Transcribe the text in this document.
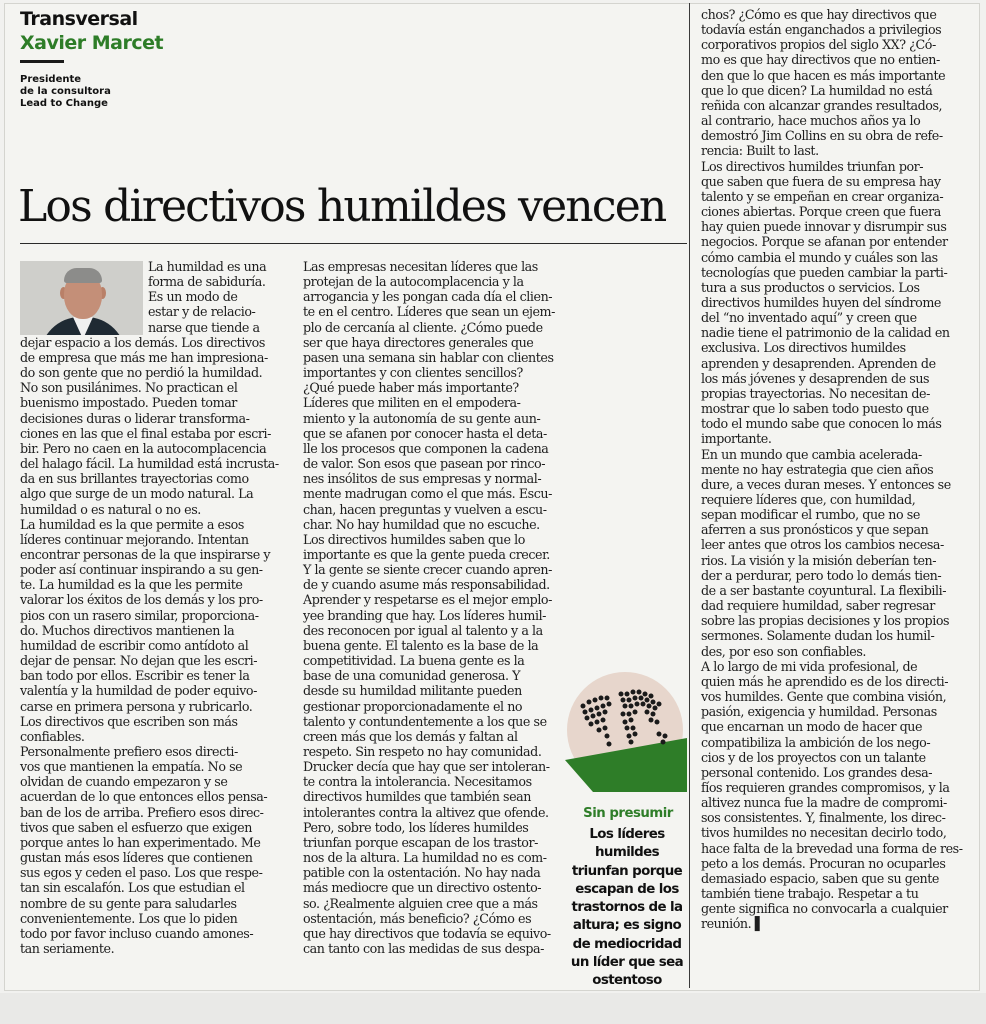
Transversal
Xavier Marcet
Presidente
de la consultora
Lead to Change
Los directivos humildes vencen
La humildad es una
forma de sabiduría.
Es un modo de
estar y de relacio-
narse que tiende a
dejar espacio a los demás. Los directivos
de empresa que más me han impresiona-
do son gente que no perdió la humildad.
No son pusilánimes. No practican el
buenismo impostado. Pueden tomar
decisiones duras o liderar transforma-
ciones en las que el final estaba por escri-
bir. Pero no caen en la autocomplacencia
del halago fácil. La humildad está incrusta-
da en sus brillantes trayectorias como
algo que surge de un modo natural. La
humildad o es natural o no es.
La humildad es la que permite a esos
líderes continuar mejorando. Intentan
encontrar personas de la que inspirarse y
poder así continuar inspirando a su gen-
te. La humildad es la que les permite
valorar los éxitos de los demás y los pro-
pios con un rasero similar, proporciona-
do. Muchos directivos mantienen la
humildad de escribir como antídoto al
dejar de pensar. No dejan que les escri-
ban todo por ellos. Escribir es tener la
valentía y la humildad de poder equivo-
carse en primera persona y rubricarlo.
Los directivos que escriben son más
confiables.
Personalmente prefiero esos directi-
vos que mantienen la empatía. No se
olvidan de cuando empezaron y se
acuerdan de lo que entonces ellos pensa-
ban de los de arriba. Prefiero esos direc-
tivos que saben el esfuerzo que exigen
porque antes lo han experimentado. Me
gustan más esos líderes que contienen
sus egos y ceden el paso. Los que respe-
tan sin escalafón. Los que estudian el
nombre de su gente para saludarles
convenientemente. Los que lo piden
todo por favor incluso cuando amones-
tan seriamente.
Las empresas necesitan líderes que las
protejan de la autocomplacencia y la
arrogancia y les pongan cada día el clien-
te en el centro. Líderes que sean un ejem-
plo de cercanía al cliente. ¿Cómo puede
ser que haya directores generales que
pasen una semana sin hablar con clientes
importantes y con clientes sencillos?
¿Qué puede haber más importante?
Líderes que militen en el empodera-
miento y la autonomía de su gente aun-
que se afanen por conocer hasta el deta-
lle los procesos que componen la cadena
de valor. Son esos que pasean por rinco-
nes insólitos de sus empresas y normal-
mente madrugan como el que más. Escu-
chan, hacen preguntas y vuelven a escu-
char. No hay humildad que no escuche.
Los directivos humildes saben que lo
importante es que la gente pueda crecer.
Y la gente se siente crecer cuando apren-
de y cuando asume más responsabilidad.
Aprender y respetarse es el mejor emplo-
yee branding que hay. Los líderes humil-
des reconocen por igual al talento y a la
buena gente. El talento es la base de la
competitividad. La buena gente es la
base de una comunidad generosa. Y
desde su humildad militante pueden
gestionar proporcionadamente el no
talento y contundentemente a los que se
creen más que los demás y faltan al
respeto. Sin respeto no hay comunidad.
Drucker decía que hay que ser intoleran-
te contra la intolerancia. Necesitamos
directivos humildes que también sean
intolerantes contra la altivez que ofende.
Pero, sobre todo, los líderes humildes
triunfan porque escapan de los trastor-
nos de la altura. La humildad no es com-
patible con la ostentación. No hay nada
más mediocre que un directivo ostento-
so. ¿Realmente alguien cree que a más
ostentación, más beneficio? ¿Cómo es
que hay directivos que todavía se equivo-
can tanto con las medidas de sus despa-
chos? ¿Cómo es que hay directivos que
todavía están enganchados a privilegios
corporativos propios del siglo XX? ¿Có-
mo es que hay directivos que no entien-
den que lo que hacen es más importante
que lo que dicen? La humildad no está
reñida con alcanzar grandes resultados,
al contrario, hace muchos años ya lo
demostró Jim Collins en su obra de refe-
rencia: Built to last.
Los directivos humildes triunfan por-
que saben que fuera de su empresa hay
talento y se empeñan en crear organiza-
ciones abiertas. Porque creen que fuera
hay quien puede innovar y disrumpir sus
negocios. Porque se afanan por entender
cómo cambia el mundo y cuáles son las
tecnologías que pueden cambiar la parti-
tura a sus productos o servicios. Los
directivos humildes huyen del síndrome
del “no inventado aquí” y creen que
nadie tiene el patrimonio de la calidad en
exclusiva. Los directivos humildes
aprenden y desaprenden. Aprenden de
los más jóvenes y desaprenden de sus
propias trayectorias. No necesitan de-
mostrar que lo saben todo puesto que
todo el mundo sabe que conocen lo más
importante.
En un mundo que cambia acelerada-
mente no hay estrategia que cien años
dure, a veces duran meses. Y entonces se
requiere líderes que, con humildad,
sepan modificar el rumbo, que no se
aferren a sus pronósticos y que sepan
leer antes que otros los cambios necesa-
rios. La visión y la misión deberían ten-
der a perdurar, pero todo lo demás tien-
de a ser bastante coyuntural. La flexibili-
dad requiere humildad, saber regresar
sobre las propias decisiones y los propios
sermones. Solamente dudan los humil-
des, por eso son confiables.
A lo largo de mi vida profesional, de
quien más he aprendido es de los directi-
vos humildes. Gente que combina visión,
pasión, exigencia y humildad. Personas
que encarnan un modo de hacer que
compatibiliza la ambición de los nego-
cios y de los proyectos con un talante
personal contenido. Los grandes desa-
fíos requieren grandes compromisos, y la
altivez nunca fue la madre de compromi-
sos consistentes. Y, finalmente, los direc-
tivos humildes no necesitan decirlo todo,
hace falta de la brevedad una forma de res-
peto a los demás. Procuran no ocuparles
demasiado espacio, saben que su gente
también tiene trabajo. Respetar a tu
gente significa no convocarla a cualquier
reunión. ▌
Sin presumir
Los líderes
humildes
triunfan porque
escapan de los
trastornos de la
altura; es signo
de mediocridad
un líder que sea
ostentoso
